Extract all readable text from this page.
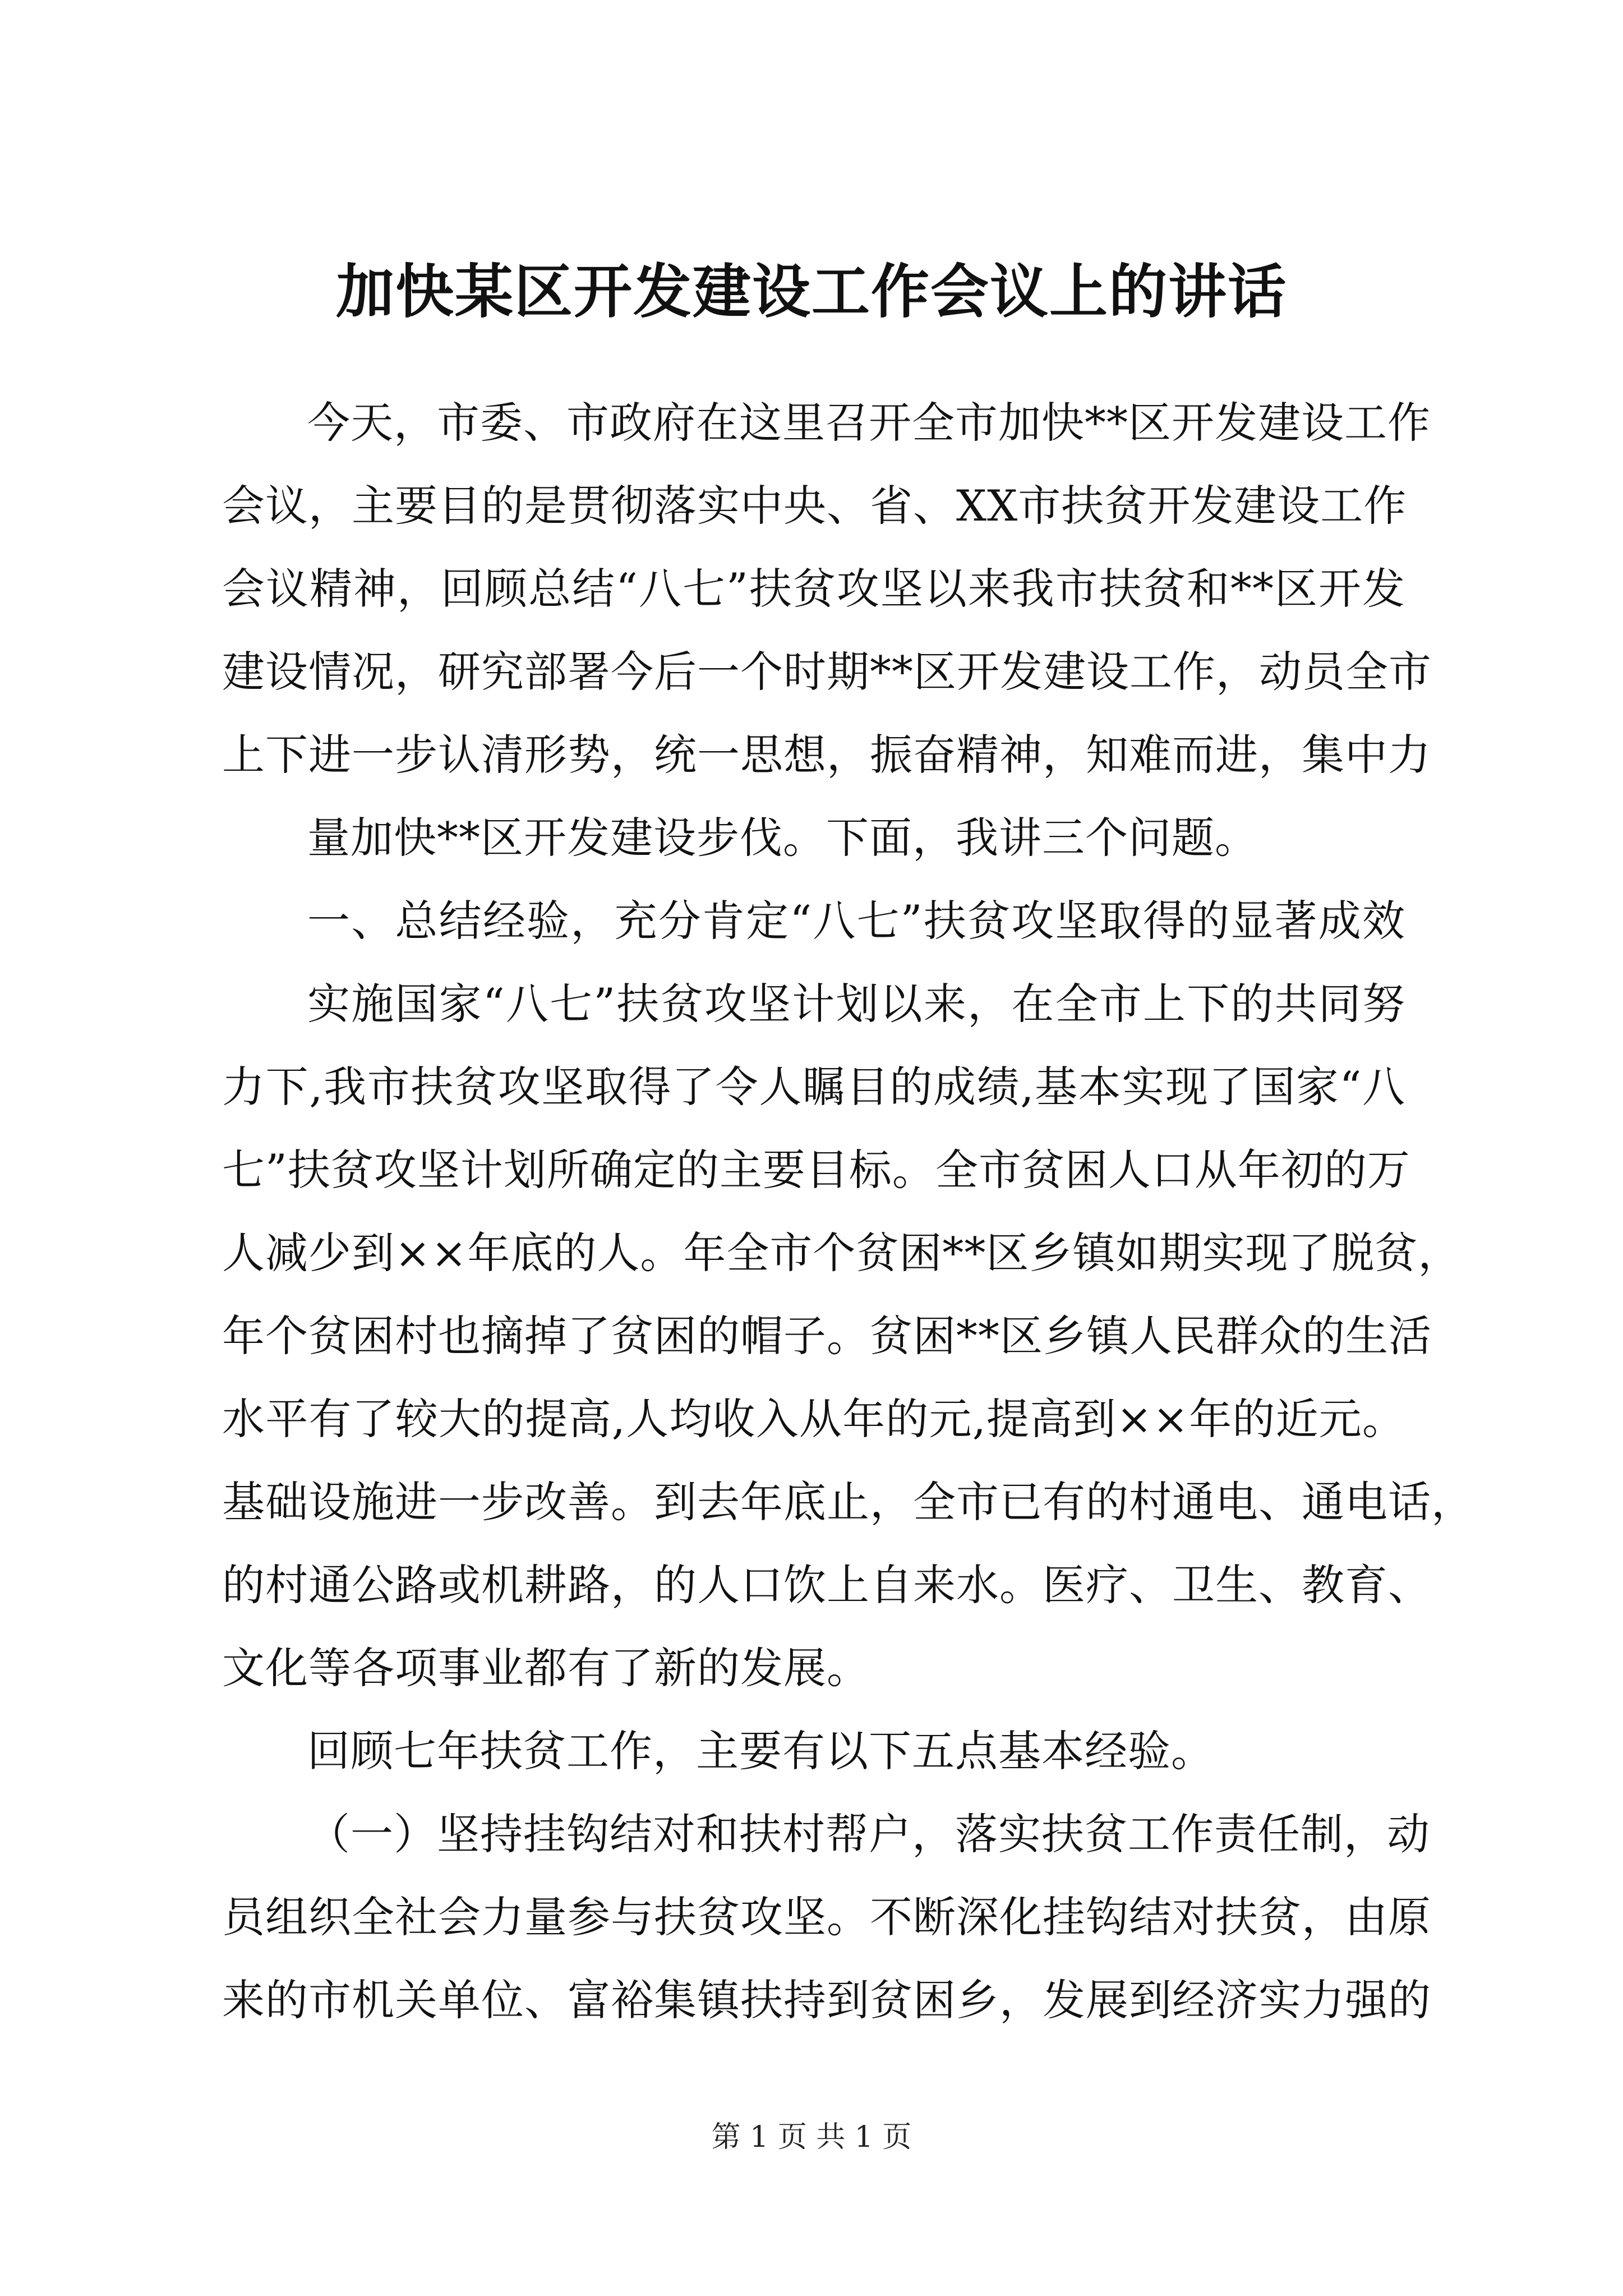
加快某区开发建设工作会议上的讲话
今天，市委、市政府在这里召开全市加快**区开发建设工作
会议，主要目的是贯彻落实中央、省、XX市扶贫开发建设工作
会议精神，回顾总结“八七”扶贫攻坚以来我市扶贫和**区开发
建设情况，研究部署今后一个时期**区开发建设工作，动员全市
上下进一步认清形势，统一思想，振奋精神，知难而进，集中力
量加快**区开发建设步伐。下面，我讲三个问题。
一、总结经验，充分肯定“八七”扶贫攻坚取得的显著成效
实施国家“八七”扶贫攻坚计划以来，在全市上下的共同努
力下,我市扶贫攻坚取得了令人瞩目的成绩,基本实现了国家“八
七”扶贫攻坚计划所确定的主要目标。全市贫困人口从年初的万
人减少到××年底的人。年全市个贫困**区乡镇如期实现了脱贫，
年个贫困村也摘掉了贫困的帽子。贫困**区乡镇人民群众的生活
水平有了较大的提高,人均收入从年的元,提高到××年的近元。
基础设施进一步改善。到去年底止，全市已有的村通电、通电话，
的村通公路或机耕路，的人口饮上自来水。医疗、卫生、教育、
文化等各项事业都有了新的发展。
回顾七年扶贫工作，主要有以下五点基本经验。
（一）坚持挂钩结对和扶村帮户，落实扶贫工作责任制，动
员组织全社会力量参与扶贫攻坚。不断深化挂钩结对扶贫，由原
来的市机关单位、富裕集镇扶持到贫困乡，发展到经济实力强的
第 1 页 共 1 页
